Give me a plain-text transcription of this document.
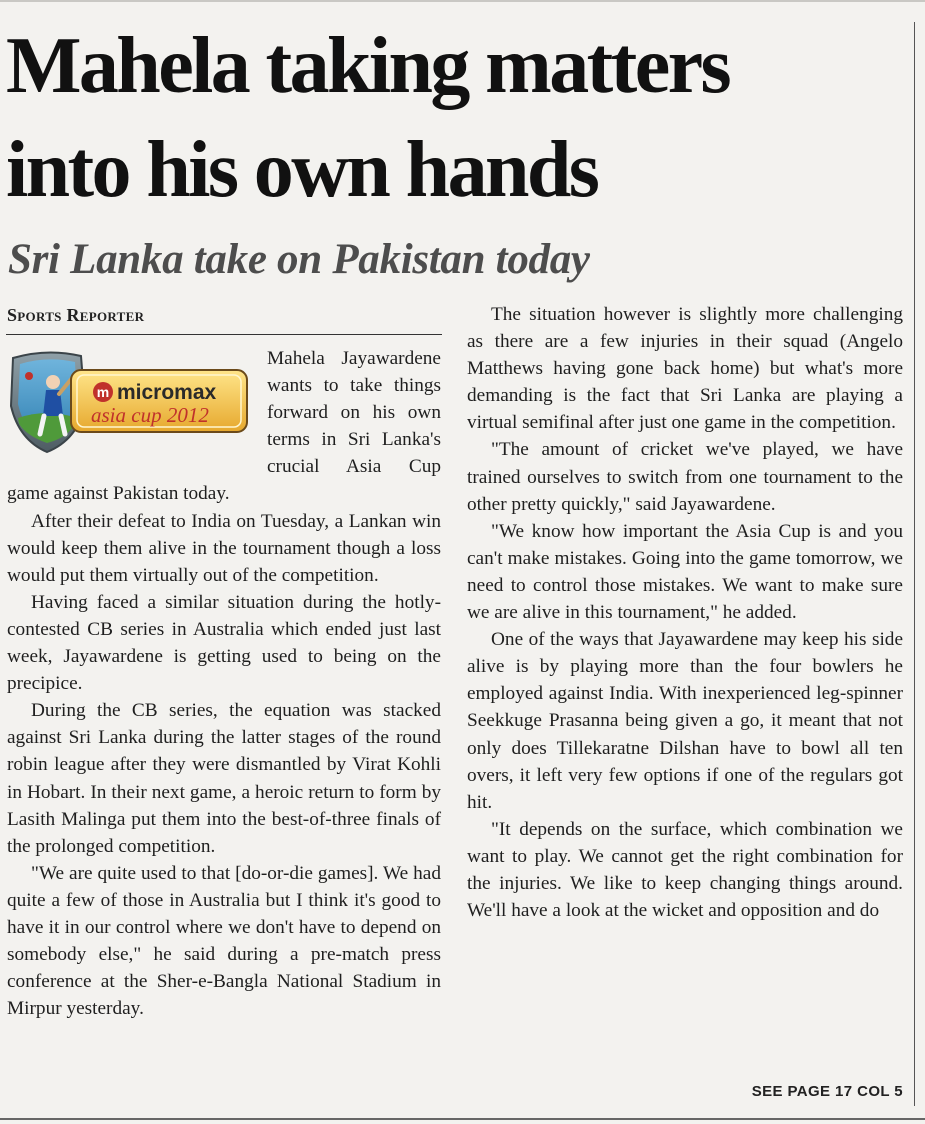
Mahela taking matters
into his own hands
Sri Lanka take on Pakistan today
Sports Reporter
m micromax
asia cup 2012

Mahela Jayawardene wants to take things forward on his own terms in Sri Lanka's crucial Asia Cup game against Pakistan today.

After their defeat to India on Tuesday, a Lankan win would keep them alive in the tournament though a loss would put them virtually out of the competition.

Having faced a similar situation during the hotly-contested CB series in Australia which ended just last week, Jayawardene is getting used to being on the precipice.

During the CB series, the equation was stacked against Sri Lanka during the latter stages of the round robin league after they were dismantled by Virat Kohli in Hobart. In their next game, a heroic return to form by Lasith Malinga put them into the best-of-three finals of the prolonged competition.

"We are quite used to that [do-or-die games]. We had quite a few of those in Australia but I think it's good to have it in our control where we don't have to depend on somebody else," he said during a pre-match press conference at the Sher-e-Bangla National Stadium in Mirpur yesterday.

The situation however is slightly more challenging as there are a few injuries in their squad (Angelo Matthews having gone back home) but what's more demanding is the fact that Sri Lanka are playing a virtual semifinal after just one game in the competition.

"The amount of cricket we've played, we have trained ourselves to switch from one tournament to the other pretty quickly," said Jayawardene.

"We know how important the Asia Cup is and you can't make mistakes. Going into the game tomorrow, we need to control those mistakes. We want to make sure we are alive in this tournament," he added.

One of the ways that Jayawardene may keep his side alive is by playing more than the four bowlers he employed against India. With inexperienced leg-spinner Seekkuge Prasanna being given a go, it meant that not only does Tillekaratne Dilshan have to bowl all ten overs, it left very few options if one of the regulars got hit.

"It depends on the surface, which combination we want to play. We cannot get the right combination for the injuries. We like to keep changing things around. We'll have a look at the wicket and opposition and do

SEE PAGE 17 COL 5
